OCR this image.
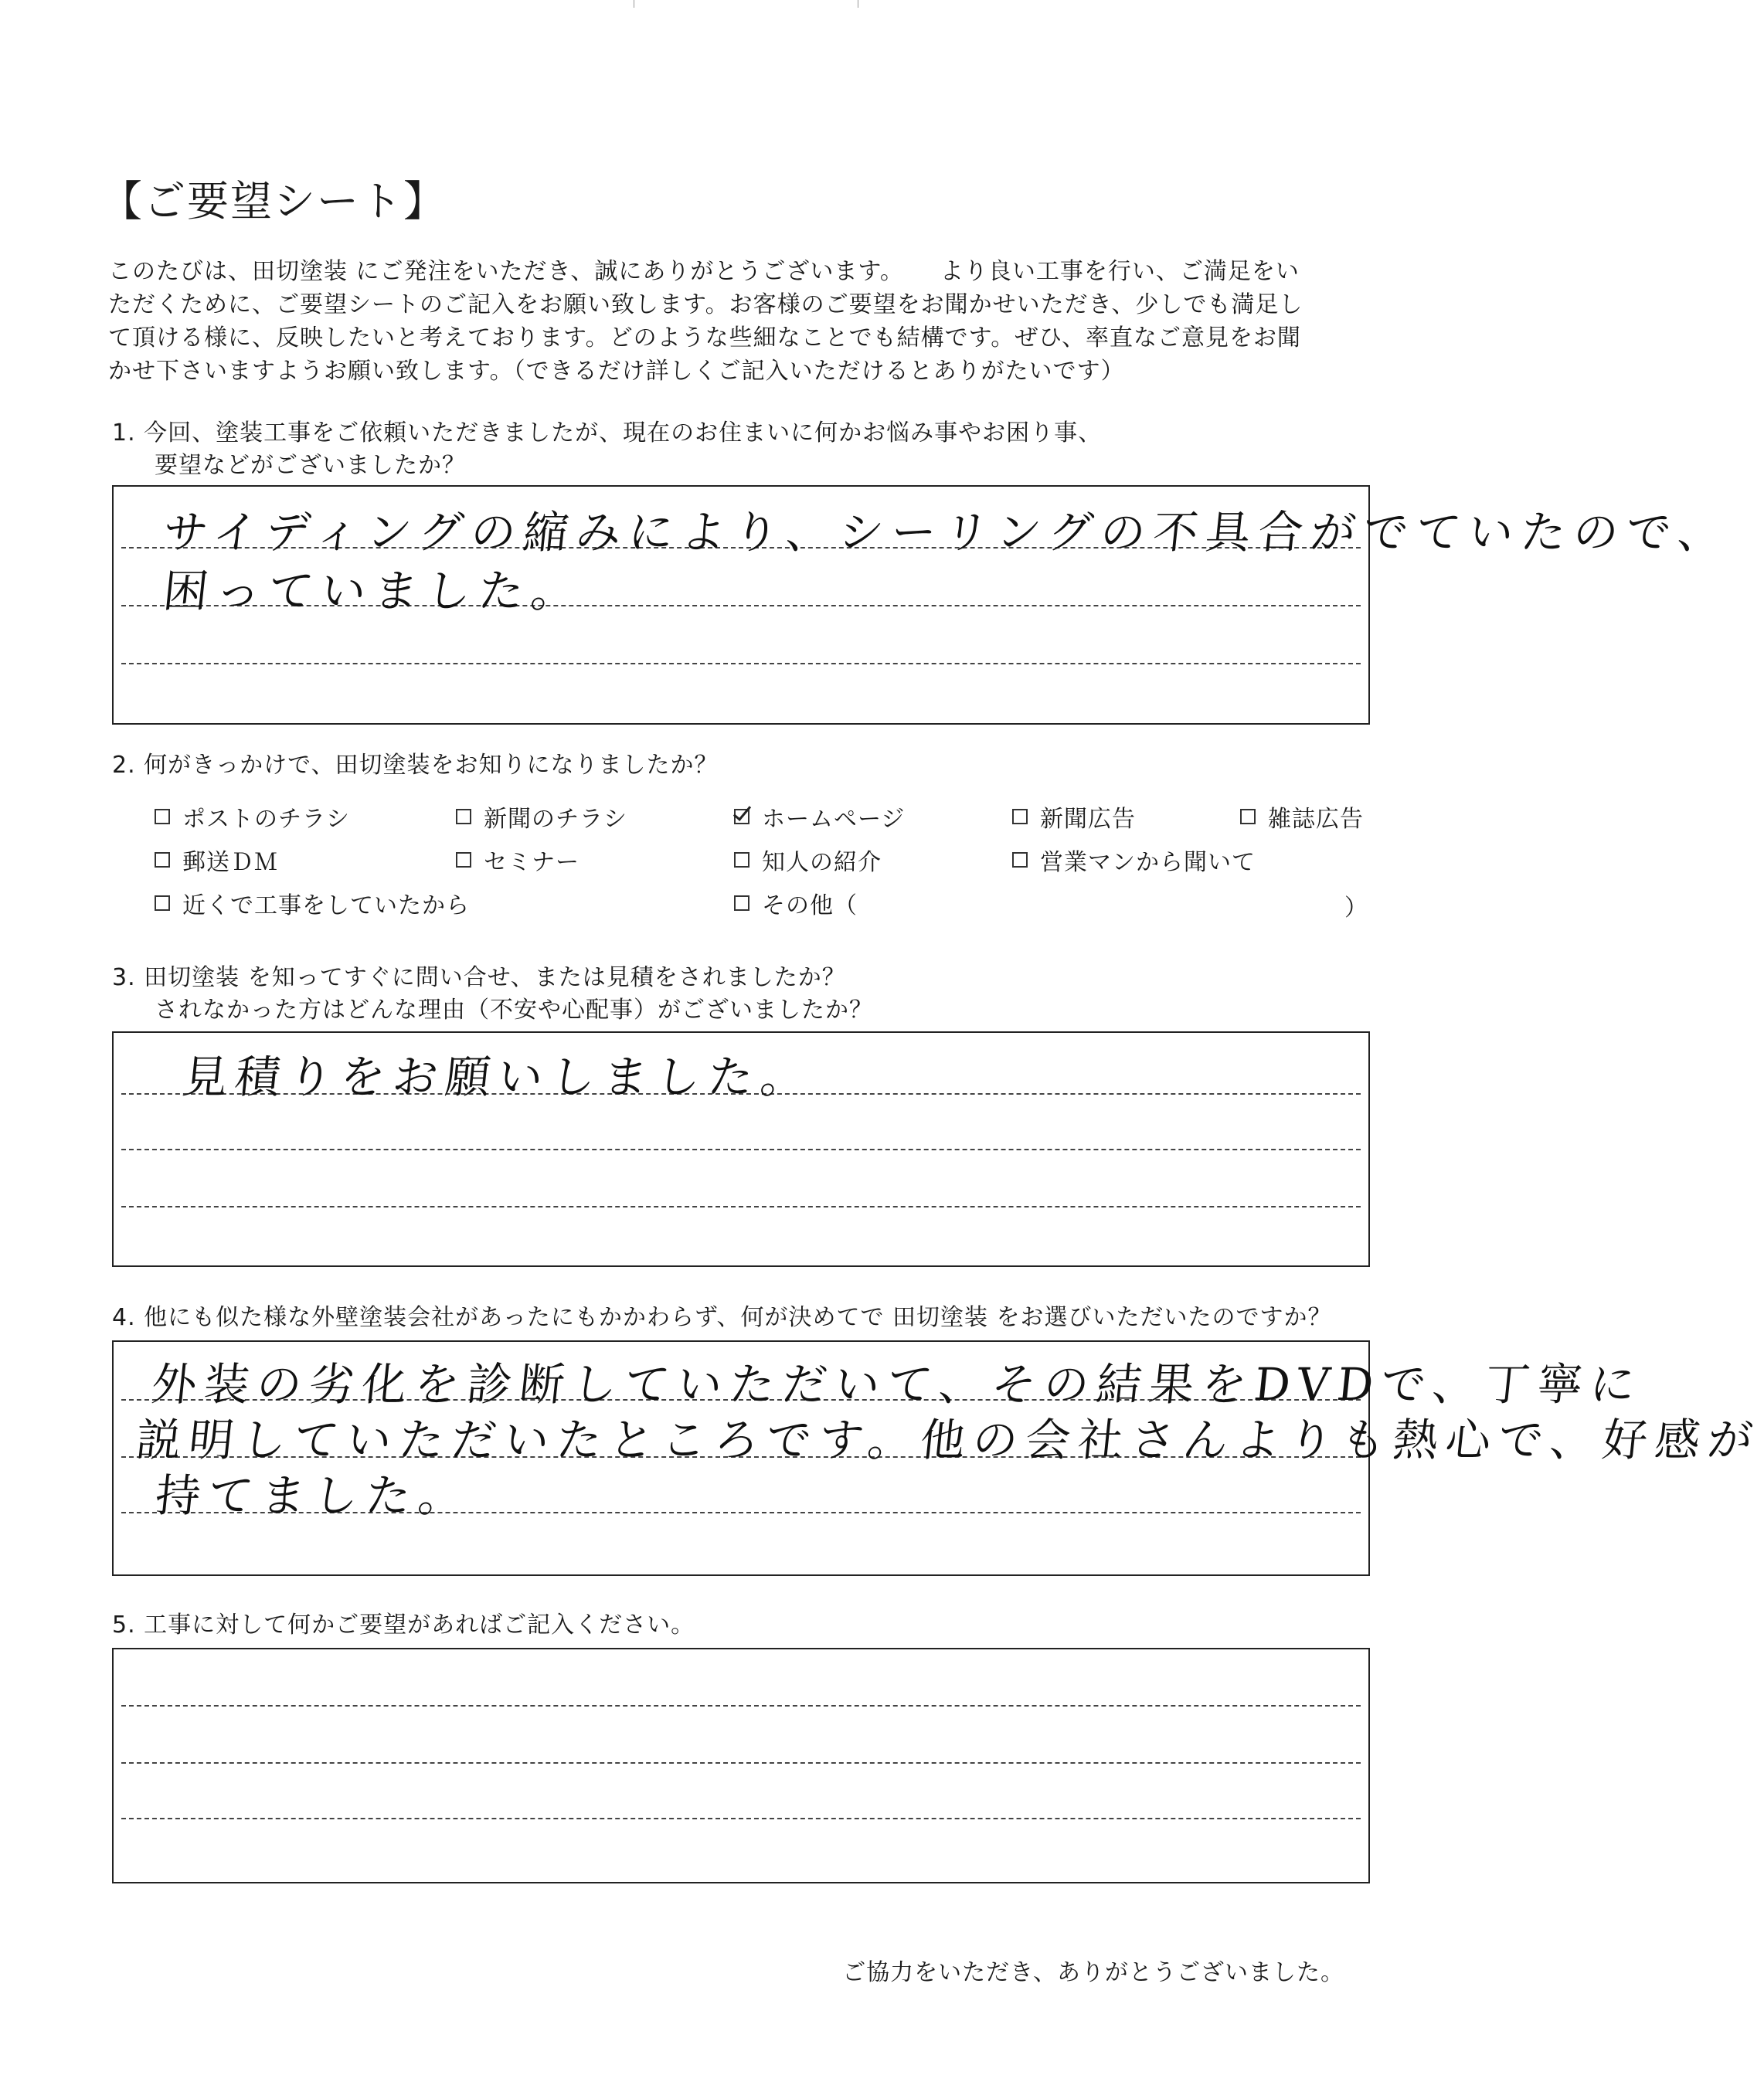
【ご要望シート】
このたびは、田切塗装 にご発注をいただき、誠にありがとうございます。　　より良い工事を行い、ご満足をい
ただくために、ご要望シートのご記入をお願い致します。お客様のご要望をお聞かせいただき、少しでも満足し
て頂ける様に、反映したいと考えております。どのような些細なことでも結構です。ぜひ、率直なご意見をお聞
かせ下さいますようお願い致します。（できるだけ詳しくご記入いただけるとありがたいです）
1. 今回、塗装工事をご依頼いただきましたが、現在のお住まいに何かお悩み事やお困り事、
要望などがございましたか？
サイディングの縮みにより、シーリングの不具合がでていたので、
困っていました。
2. 何がきっかけで、田切塗装をお知りになりましたか？
ポストのチラシ	新聞のチラシ	ホームページ	新聞広告	雑誌広告
郵送ＤＭ	セミナー	知人の紹介	営業マンから聞いて
近くで工事をしていたから	その他（	）
3. 田切塗装 を知ってすぐに問い合せ、または見積をされましたか？
されなかった方はどんな理由（不安や心配事）がございましたか？
見積りをお願いしました。
4. 他にも似た様な外壁塗装会社があったにもかかわらず、何が決めてで 田切塗装 をお選びいただいたのですか？
外装の劣化を診断していただいて、その結果をDVDで、丁寧に
説明していただいたところです。他の会社さんよりも熱心で、好感が
持てました。
5. 工事に対して何かご要望があればご記入ください。
ご協力をいただき、ありがとうございました。
